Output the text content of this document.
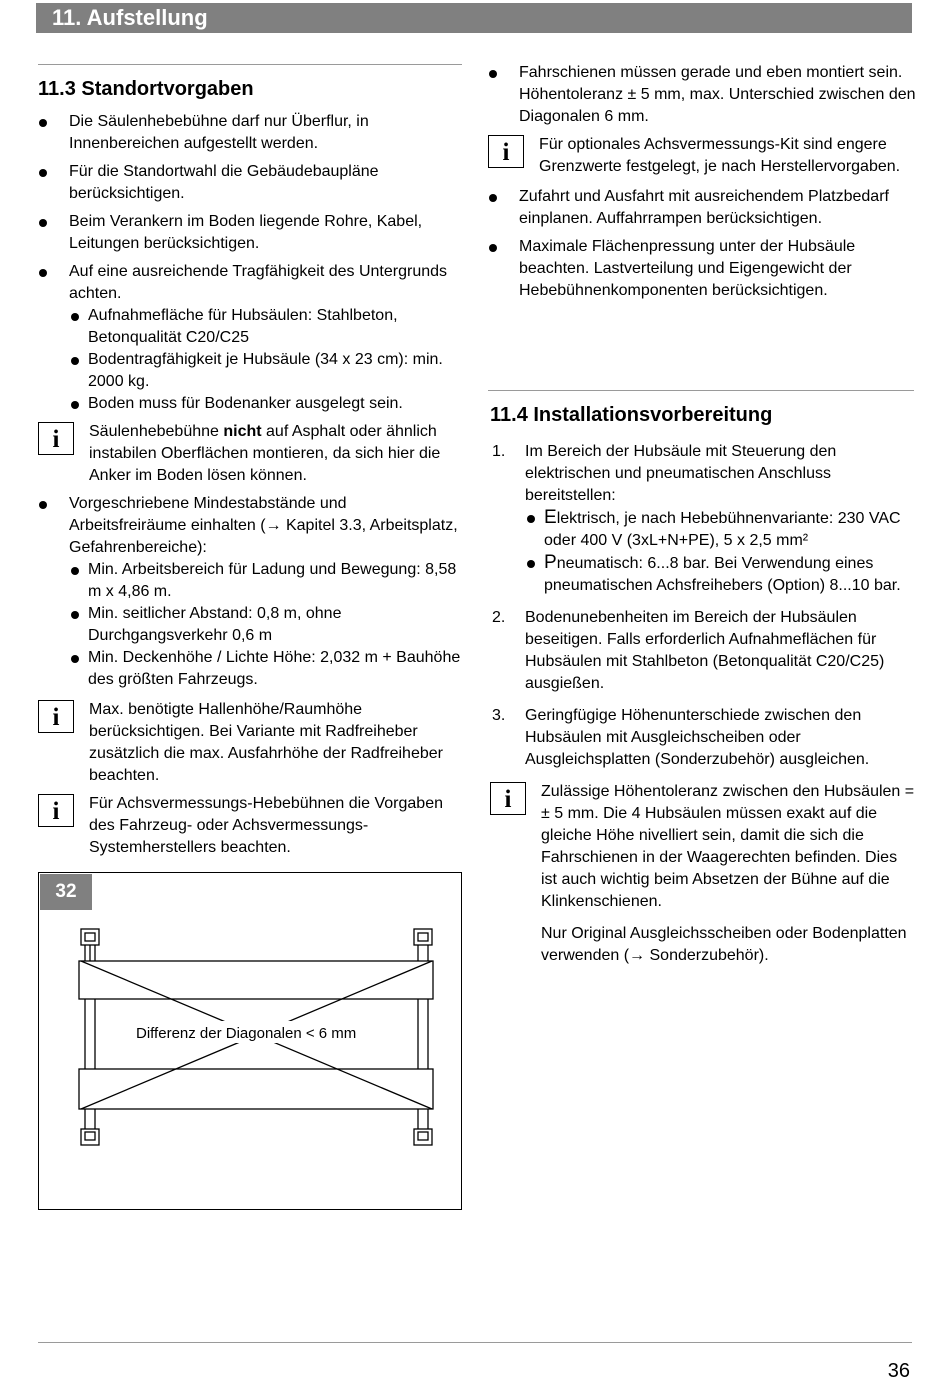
11. Aufstellung
11.3 Standortvorgaben
Die Säulenhebebühne darf nur Überflur, in Innenbereichen aufgestellt werden.
Für die Standortwahl die Gebäudebaupläne berücksichtigen.
Beim Verankern im Boden liegende Rohre, Kabel, Leitungen berücksichtigen.
Auf eine ausreichende Tragfähigkeit des Untergrunds achten.
Aufnahmefläche für Hubsäulen: Stahlbeton, Betonqualität C20/C25
Bodentragfähigkeit je Hubsäule (34 x 23 cm): min. 2000 kg.
Boden muss für Bodenanker ausgelegt sein.
i	Säulenhebebühne nicht auf Asphalt oder ähnlich instabilen Oberflächen montieren, da sich hier die Anker im Boden lösen können.
Vorgeschriebene Mindestabstände und Arbeitsfreiräume einhalten (→ Kapitel 3.3, Arbeitsplatz, Gefahrenbereiche):
Min. Arbeitsbereich für Ladung und Bewegung: 8,58 m x 4,86 m.
Min. seitlicher Abstand: 0,8 m, ohne Durchgangsverkehr 0,6 m
Min. Deckenhöhe / Lichte Höhe: 2,032 m + Bauhöhe des größten Fahrzeugs.
i	Max. benötigte Hallenhöhe/Raumhöhe berücksichtigen. Bei Variante mit Radfreiheber zusätzlich die max. Ausfahrhöhe der Radfreiheber beachten.
i	Für Achsvermessungs-Hebebühnen die Vorgaben des Fahrzeug- oder Achsvermessungs-Systemherstellers beachten.
Differenz der Diagonalen < 6 mm
32
Fahrschienen müssen gerade und eben montiert sein. Höhentoleranz ± 5 mm, max. Unterschied zwischen den Diagonalen 6 mm.
i	Für optionales Achsvermessungs-Kit sind engere Grenzwerte festgelegt, je nach Herstellervorgaben.
Zufahrt und Ausfahrt mit ausreichendem Platzbedarf einplanen. Auffahrrampen berücksichtigen.
Maximale Flächenpressung unter der Hubsäule beachten. Lastverteilung und Eigengewicht der Hebebühnenkomponenten berücksichtigen.
11.4 Installationsvorbereitung
1. Im Bereich der Hubsäule mit Steuerung den elektrischen und pneumatischen Anschluss bereitstellen:
Elektrisch, je nach Hebebühnenvariante: 230 VAC oder 400 V (3xL+N+PE), 5 x 2,5 mm²
Pneumatisch: 6...8 bar. Bei Verwendung eines pneumatischen Achsfreihebers (Option) 8...10 bar.
2. Bodenunebenheiten im Bereich der Hubsäulen beseitigen. Falls erforderlich Aufnahmeflächen für Hubsäulen mit Stahlbeton (Betonqualität C20/C25) ausgießen.
3. Geringfügige Höhenunterschiede zwischen den Hubsäulen mit Ausgleichscheiben oder Ausgleichsplatten (Sonderzubehör) ausgleichen.
i	Zulässige Höhentoleranz zwischen den Hubsäulen = ± 5 mm. Die 4 Hubsäulen müssen exakt auf die gleiche Höhe nivelliert sein, damit die sich die Fahrschienen in der Waagerechten befinden. Dies ist auch wichtig beim Absetzen der Bühne auf die Klinkenschienen.
Nur Original Ausgleichsscheiben oder Bodenplatten verwenden (→ Sonderzubehör).
36
